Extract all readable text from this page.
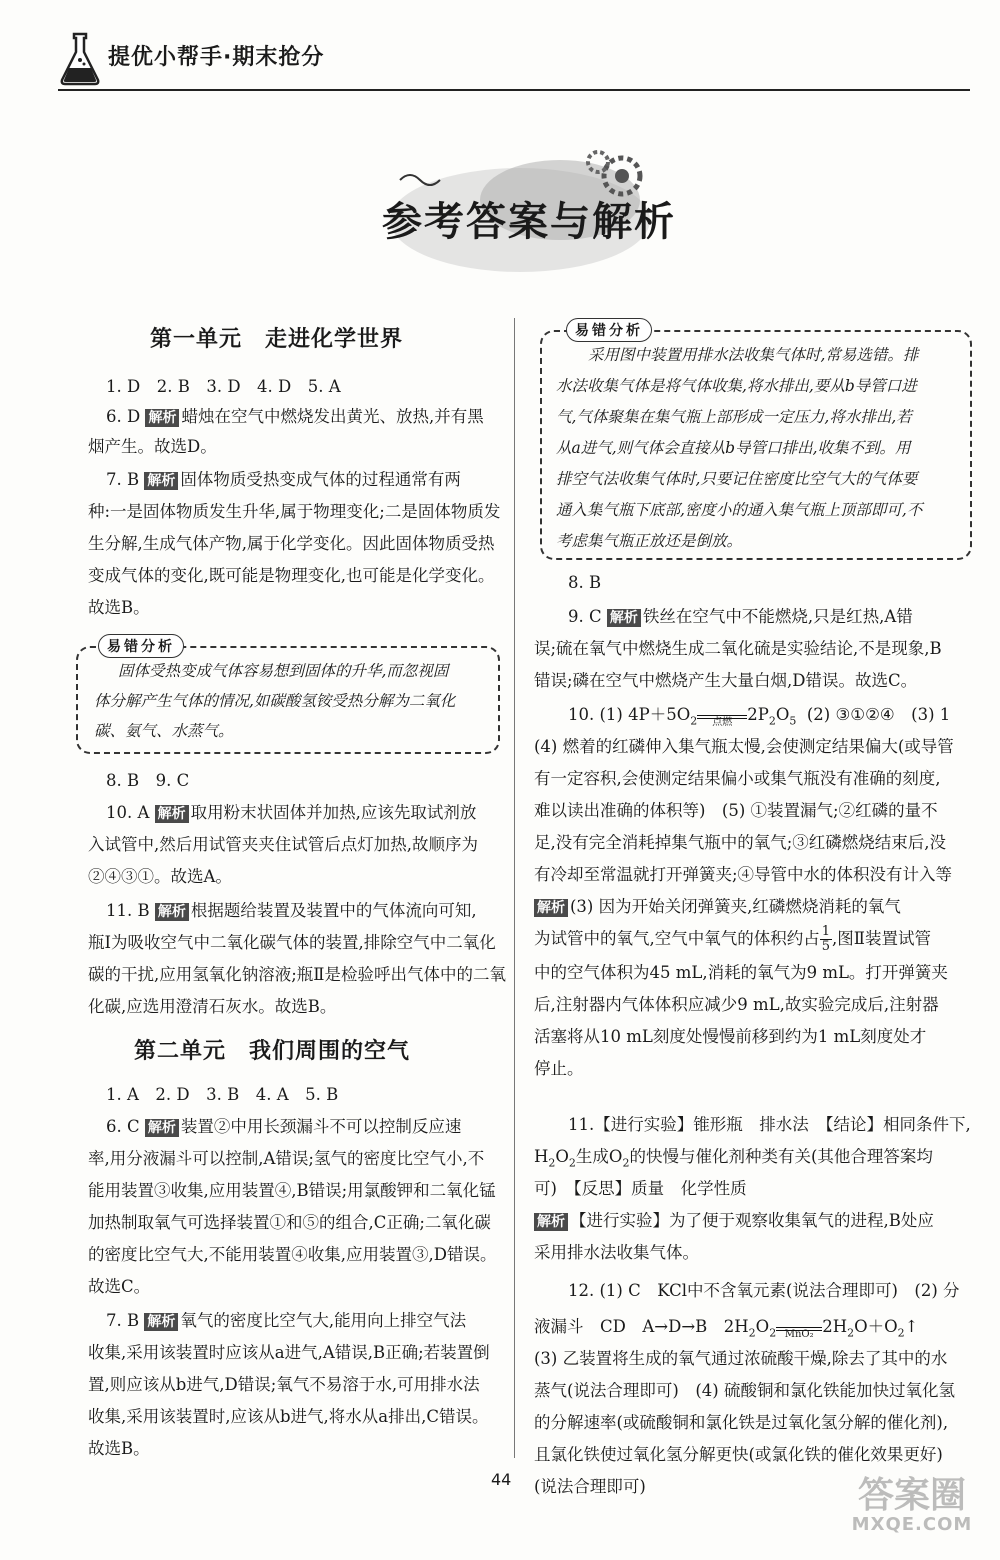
提优小帮手·期末抢分
参考答案与解析
第一单元　走进化学世界
1. D　2. B　3. D　4. D　5. A
6. D 解析 蜡烛在空气中燃烧发出黄光、放热,并有黑
烟产生。故选D。
7. B 解析 固体物质受热变成气体的过程通常有两
种:一是固体物质发生升华,属于物理变化;二是固体物质发
生分解,生成气体产物,属于化学变化。因此固体物质受热
变成气体的变化,既可能是物理变化,也可能是化学变化。
故选B。
易错分析
固体受热变成气体容易想到固体的升华,而忽视固
体分解产生气体的情况,如碳酸氢铵受热分解为二氧化
碳、氨气、水蒸气。
8. B　9. C
10. A 解析 取用粉末状固体并加热,应该先取试剂放
入试管中,然后用试管夹夹住试管后点灯加热,故顺序为
②④③①。故选A。
11. B 解析 根据题给装置及装置中的气体流向可知,
瓶Ⅰ为吸收空气中二氧化碳气体的装置,排除空气中二氧化
碳的干扰,应用氢氧化钠溶液;瓶Ⅱ是检验呼出气体中的二氧
化碳,应选用澄清石灰水。故选B。
第二单元　我们周围的空气
1. A　2. D　3. B　4. A　5. B
6. C 解析 装置②中用长颈漏斗不可以控制反应速
率,用分液漏斗可以控制,A错误;氢气的密度比空气小,不
能用装置③收集,应用装置④,B错误;用氯酸钾和二氧化锰
加热制取氧气可选择装置①和⑤的组合,C正确;二氧化碳
的密度比空气大,不能用装置④收集,应用装置③,D错误。
故选C。
7. B 解析 氧气的密度比空气大,能用向上排空气法
收集,采用该装置时应该从a进气,A错误,B正确;若装置倒
置,则应该从b进气,D错误;氧气不易溶于水,可用排水法
收集,采用该装置时,应该从b进气,将水从a排出,C错误。
故选B。
易错分析
采用图中装置用排水法收集气体时,常易选错。排
水法收集气体是将气体收集,将水排出,要从b导管口进
气,气体聚集在集气瓶上部形成一定压力,将水排出,若
从a进气,则气体会直接从b导管口排出,收集不到。用
排空气法收集气体时,只要记住密度比空气大的气体要
通入集气瓶下底部,密度小的通入集气瓶上顶部即可,不
考虑集气瓶正放还是倒放。
8. B
9. C 解析 铁丝在空气中不能燃烧,只是红热,A错
误;硫在氧气中燃烧生成二氧化硫是实验结论,不是现象,B
错误;磷在空气中燃烧产生大量白烟,D错误。故选C。
10. (1) $4P+5O_2$	点燃 $2P_2O_5$ (2) ③①②④　(3) 1
(4) 燃着的红磷伸入集气瓶太慢,会使测定结果偏大(或导管
有一定容积,会使测定结果偏小或集气瓶没有准确的刻度,
难以读出准确的体积等)　(5) ①装置漏气;②红磷的量不
足,没有完全消耗掉集气瓶中的氧气;③红磷燃烧结束后,没
有冷却至常温就打开弹簧夹;④导管中水的体积没有计入等
解析 (3) 因为开始关闭弹簧夹,红磷燃烧消耗的氧气
为试管中的氧气,空气中氧气的体积约占 $\frac{1}{5}$ ,图Ⅱ装置试管
中的空气体积为45 mL,消耗的氧气为9 mL。打开弹簧夹
后,注射器内气体体积应减少9 mL,故实验完成后,注射器
活塞将从10 mL刻度处慢慢前移到约为1 mL刻度处才
停止。
11.【进行实验】锥形瓶　排水法　【结论】相同条件下,
$H_2O_2$生成$O_2$的快慢与催化剂种类有关(其他合理答案均
可)　【反思】质量　化学性质
解析 【进行实验】为了便于观察收集氧气的进程,B处应
采用排水法收集气体。
12. (1) C　KCl中不含氧元素(说法合理即可)　(2) 分
液漏斗　CD　A→D→B　$2H_2O_2$ MnO₂ $2H_2O+O_2↑$
(3) 乙装置将生成的氧气通过浓硫酸干燥,除去了其中的水
蒸气(说法合理即可)　(4) 硫酸铜和氯化铁能加快过氧化氢
的分解速率(或硫酸铜和氯化铁是过氧化氢分解的催化剂),
且氯化铁使过氧化氢分解更快(或氯化铁的催化效果更好)
(说法合理即可)
44	答案圈
MXQE.COM
